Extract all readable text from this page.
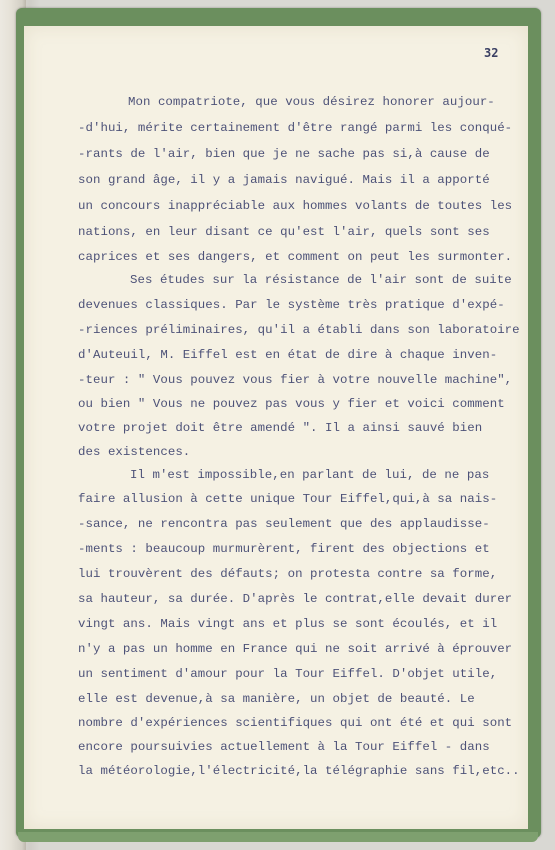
32
Mon compatriote, que vous désirez honorer aujour-
-d'hui, mérite certainement d'être rangé parmi les conqué-
-rants de l'air, bien que je ne sache pas si,à cause de
son grand âge, il y a jamais navigué. Mais il a apporté
un concours inappréciable aux hommes volants de toutes les
nations, en leur disant ce qu'est l'air, quels sont ses
caprices et ses dangers, et comment on peut les surmonter.
Ses études sur la résistance de l'air sont de suite
devenues classiques. Par le système très pratique d'expé-
-riences préliminaires, qu'il a établi dans son laboratoire
d'Auteuil, M. Eiffel est en état de dire à chaque inven-
-teur : " Vous pouvez vous fier à votre nouvelle machine",
ou bien " Vous ne pouvez pas vous y fier et voici comment
votre projet doit être amendé ". Il a ainsi sauvé bien
des existences.
Il m'est impossible,en parlant de lui, de ne pas
faire allusion à cette unique Tour Eiffel,qui,à sa nais-
-sance, ne rencontra pas seulement que des applaudisse-
-ments : beaucoup murmurèrent, firent des objections et
lui trouvèrent des défauts; on protesta contre sa forme,
sa hauteur, sa durée. D'après le contrat,elle devait durer
vingt ans. Mais vingt ans et plus se sont écoulés, et il
n'y a pas un homme en France qui ne soit arrivé à éprouver
un sentiment d'amour pour la Tour Eiffel. D'objet utile,
elle est devenue,à sa manière, un objet de beauté. Le
nombre d'expériences scientifiques qui ont été et qui sont
encore poursuivies actuellement à la Tour Eiffel - dans
la météorologie,l'électricité,la télégraphie sans fil,etc..
